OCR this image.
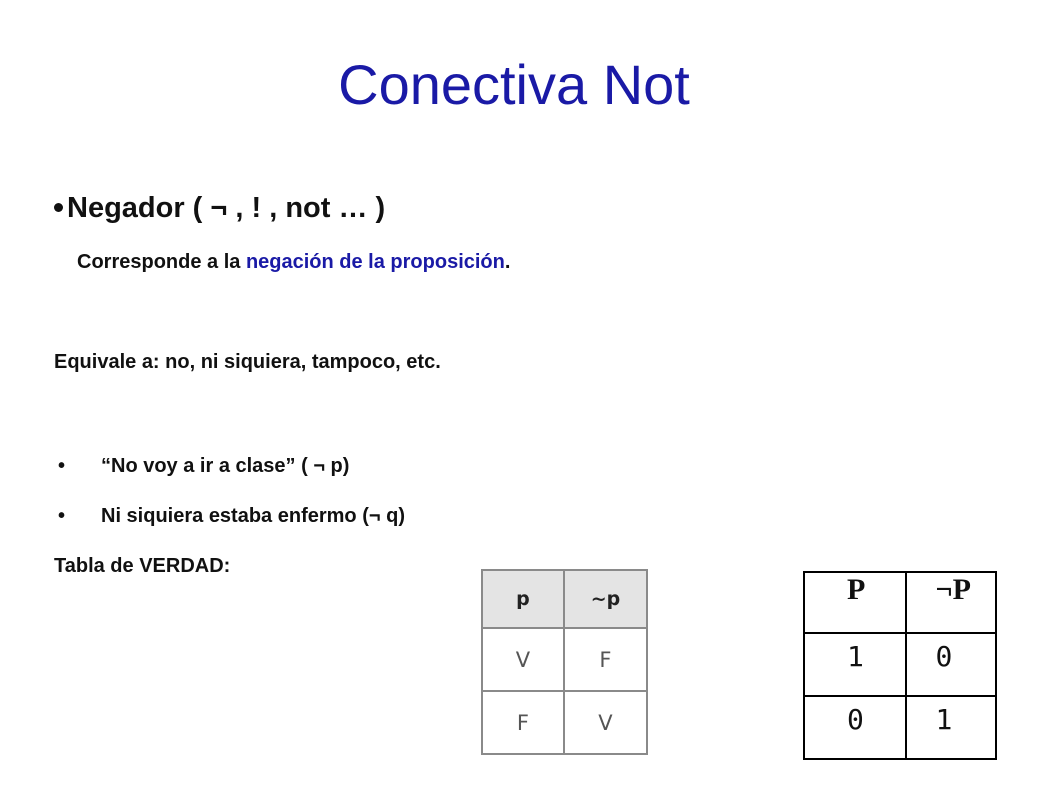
Conectiva Not
Negador ( ¬ , ! , not … )
Corresponde a la negación de la proposición.
Equivale a: no, ni siquiera, tampoco, etc.
• “No voy a ir a clase” ( ¬ p)
• Ni siquiera estaba enfermo (¬ q)
Tabla de VERDAD:
p	~p
V	F
F	V
P	¬P
1	0
0	1
